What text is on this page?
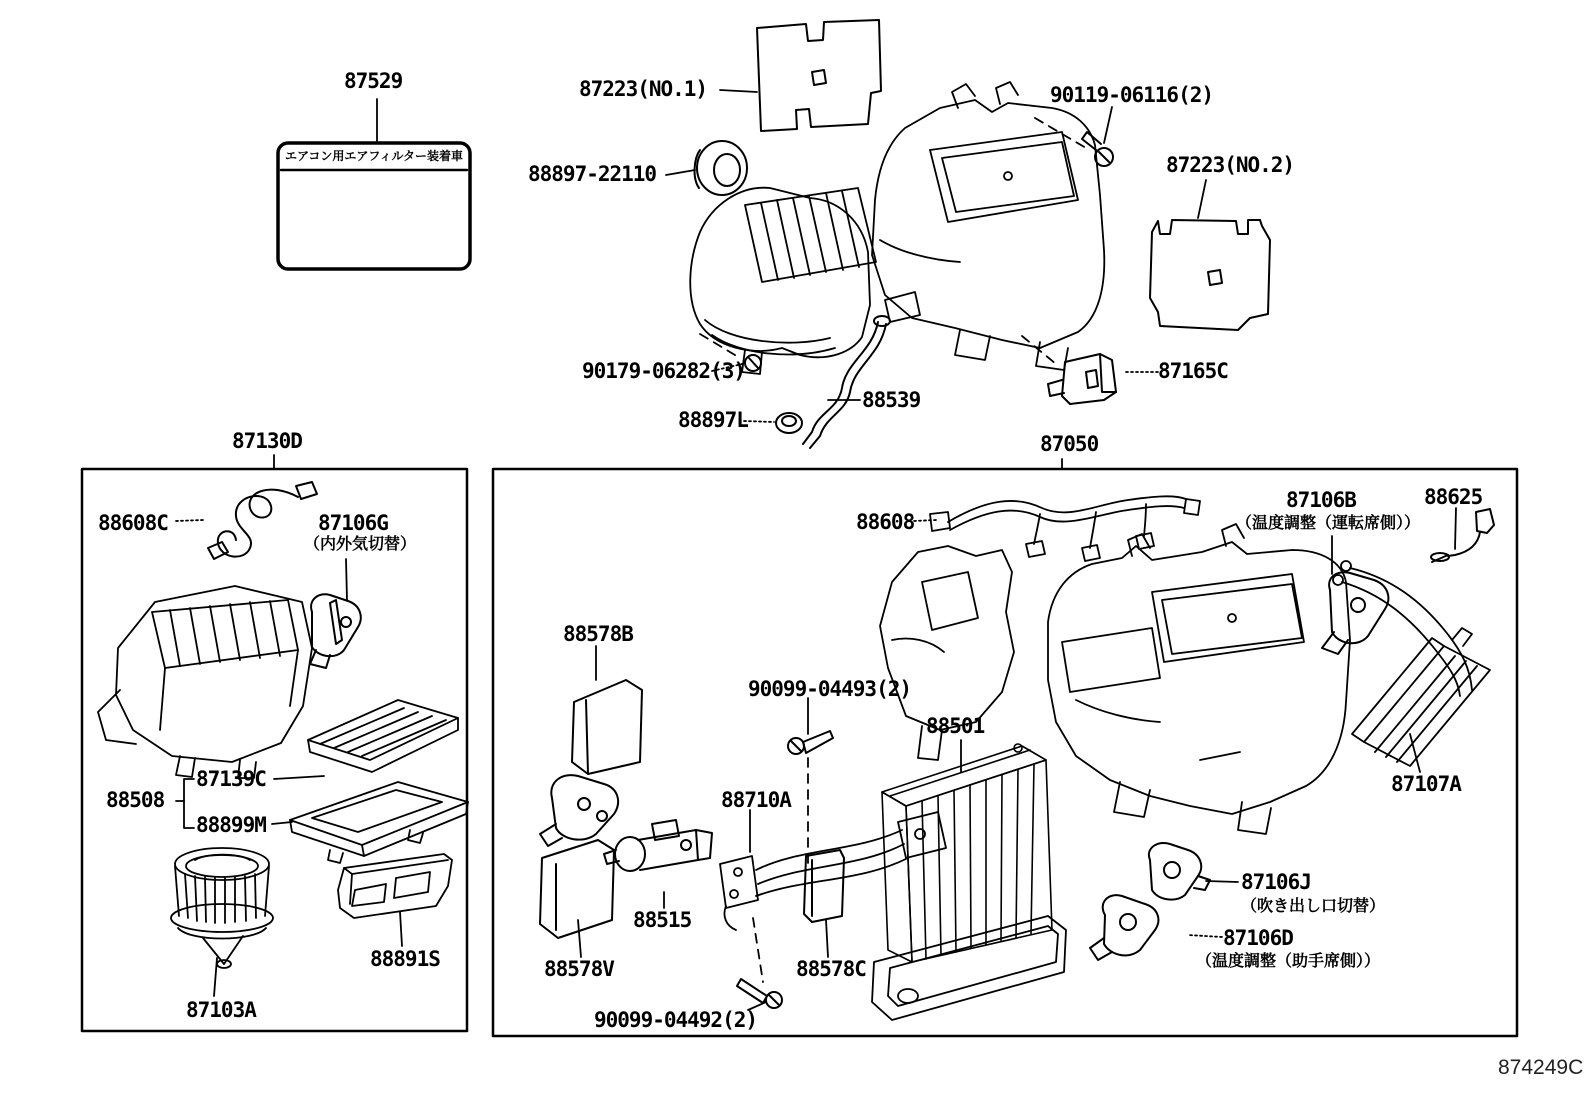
87529
エアコン用エアフィルター装着車
87223(NO.1)
88897-22110
90119-06116(2)
87223(NO.2)
90179-06282(3)
88539
88897L
87165C
87130D
88608C	87106G
（内外気切替）
87139C
88508
88899M
88891S
87103A
87050
88608
87106B
（温度調整（運転席側））
88625
88578B
90099-04493(2)
88501
88710A
87107A
88515
88578V	88578C
90099-04492(2)
87106J
（吹き出し口切替）
87106D
（温度調整（助手席側））
874249C
